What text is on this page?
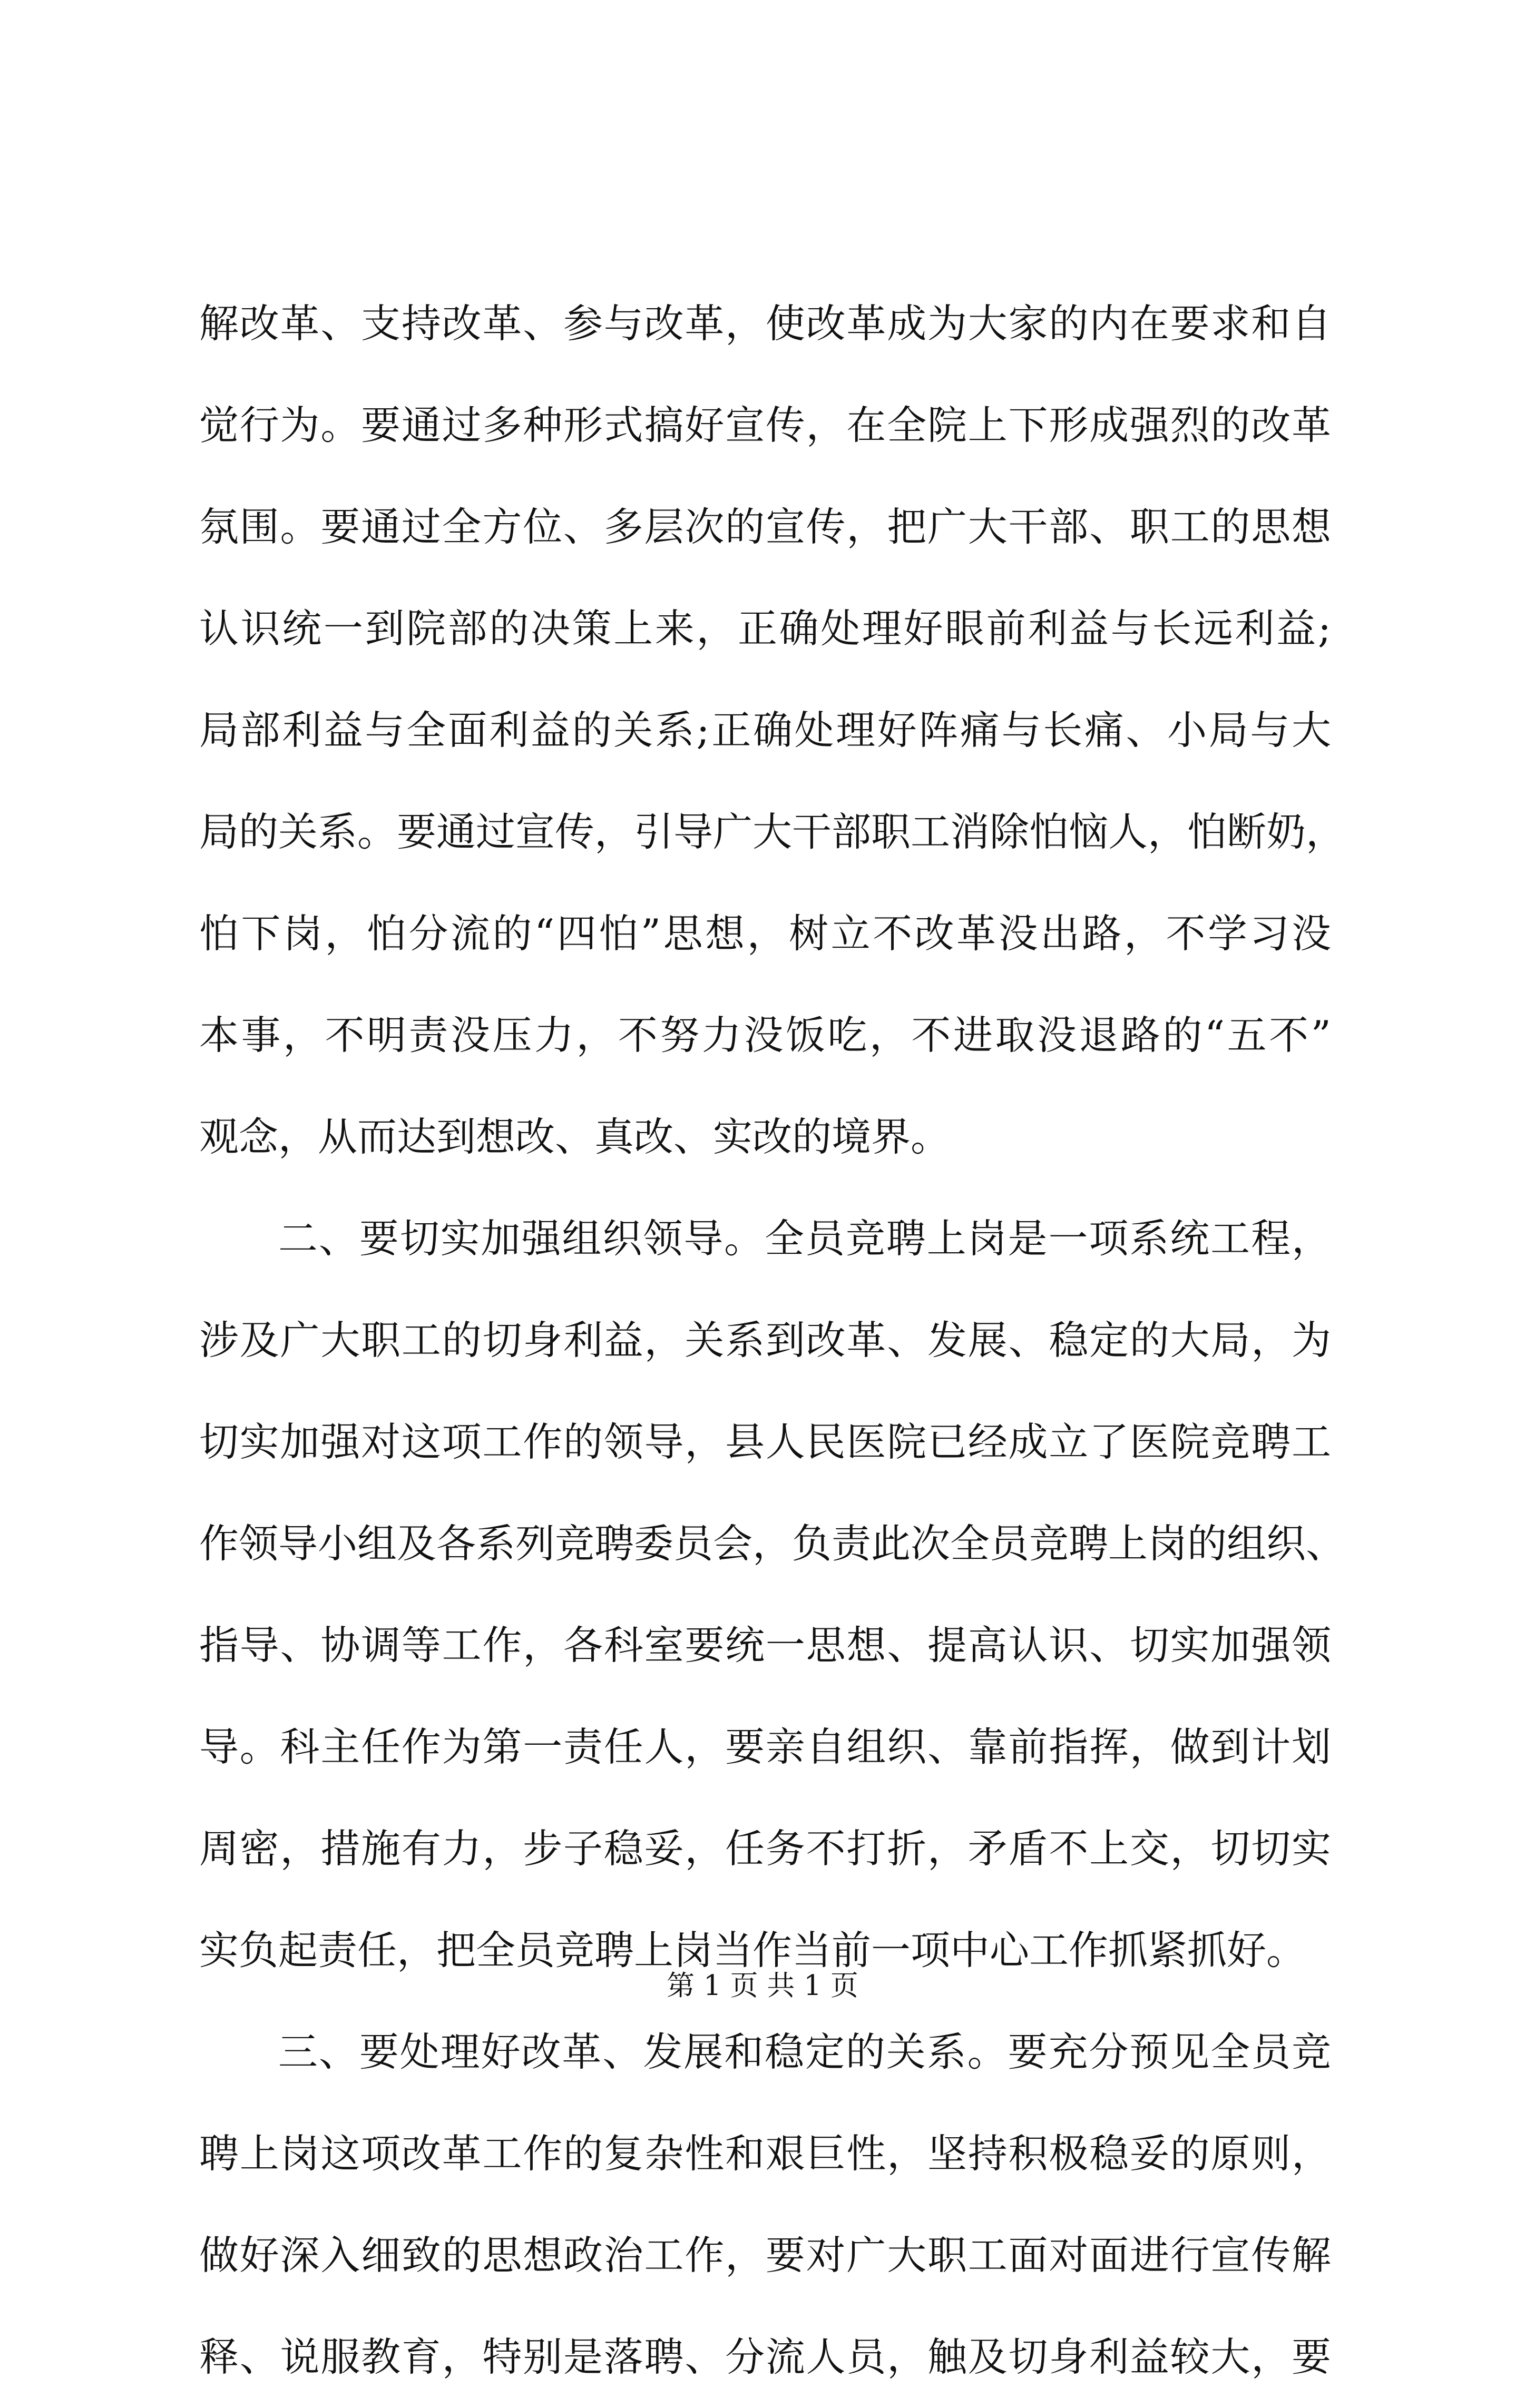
解改革、支持改革、参与改革，使改革成为大家的内在要求和自
觉行为。要通过多种形式搞好宣传，在全院上下形成强烈的改革
氛围。要通过全方位、多层次的宣传，把广大干部、职工的思想
认识统一到院部的决策上来，正确处理好眼前利益与长远利益;
局部利益与全面利益的关系;正确处理好阵痛与长痛、小局与大
局的关系。要通过宣传，引导广大干部职工消除怕恼人，怕断奶，
怕下岗，怕分流的“四怕”思想，树立不改革没出路，不学习没
本事，不明责没压力，不努力没饭吃，不进取没退路的“五不”
观念，从而达到想改、真改、实改的境界。
二、要切实加强组织领导。全员竞聘上岗是一项系统工程，
涉及广大职工的切身利益，关系到改革、发展、稳定的大局，为
切实加强对这项工作的领导，县人民医院已经成立了医院竞聘工
作领导小组及各系列竞聘委员会，负责此次全员竞聘上岗的组织、
指导、协调等工作，各科室要统一思想、提高认识、切实加强领
导。科主任作为第一责任人，要亲自组织、靠前指挥，做到计划
周密，措施有力，步子稳妥，任务不打折，矛盾不上交，切切实
实负起责任，把全员竞聘上岗当作当前一项中心工作抓紧抓好。
三、要处理好改革、发展和稳定的关系。要充分预见全员竞
聘上岗这项改革工作的复杂性和艰巨性，坚持积极稳妥的原则，
做好深入细致的思想政治工作，要对广大职工面对面进行宣传解
释、说服教育，特别是落聘、分流人员，触及切身利益较大，要
第 1 页 共 1 页
